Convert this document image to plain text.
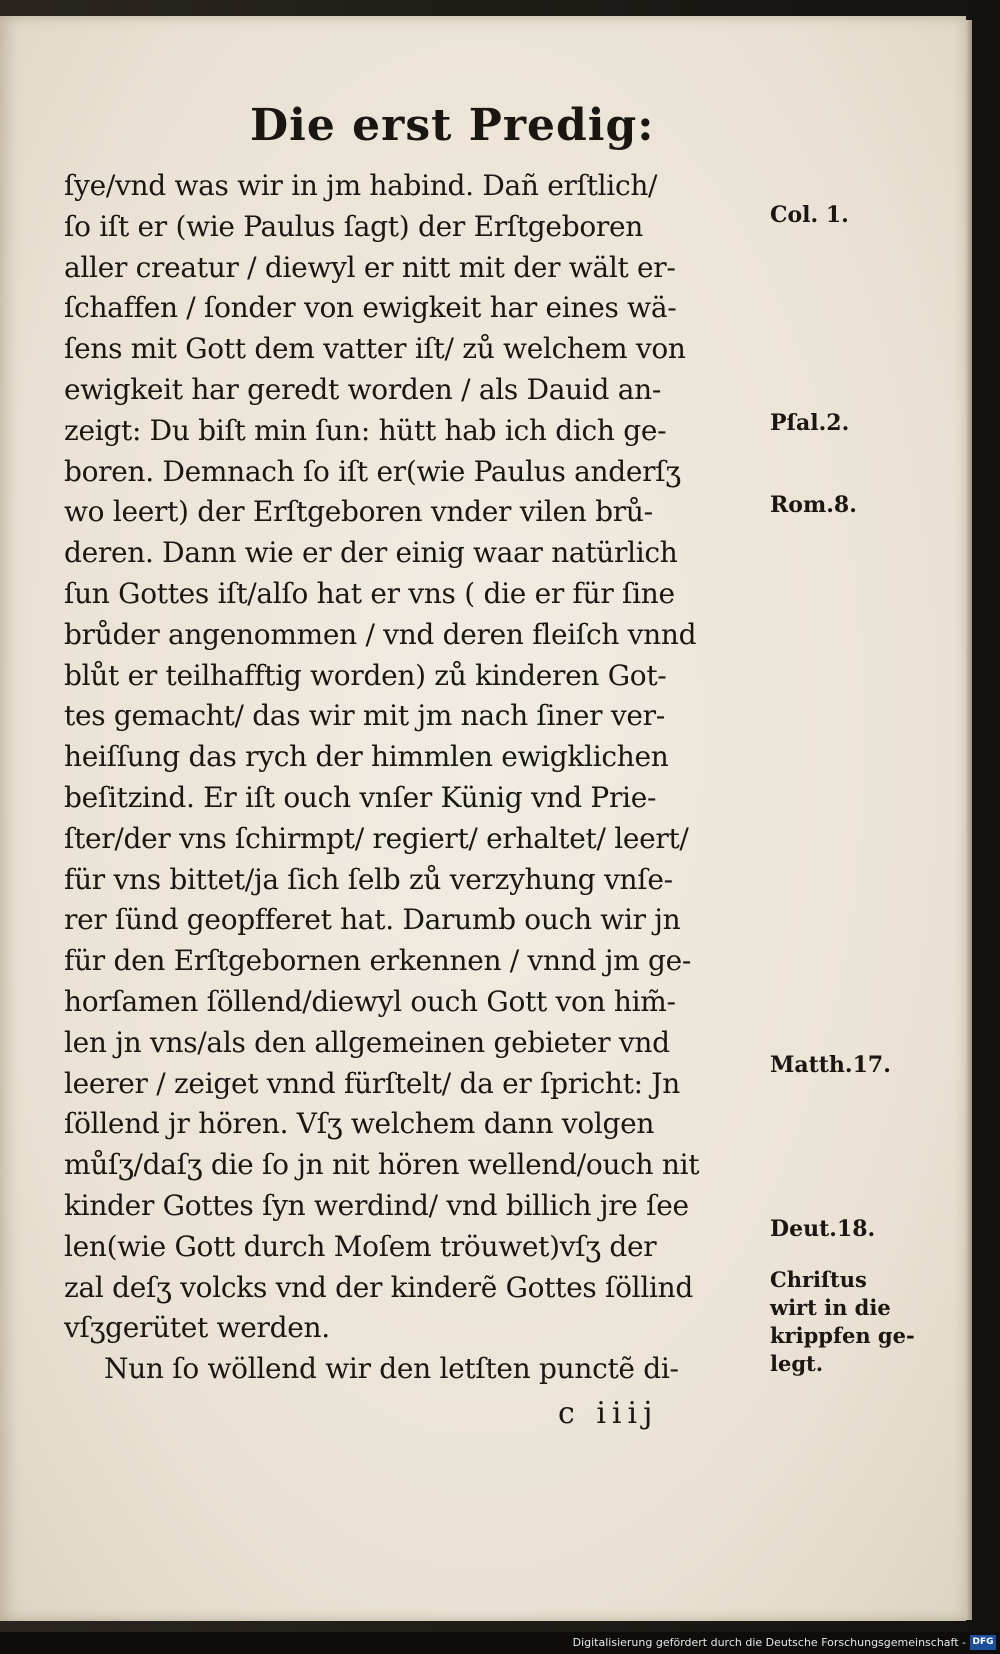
Die erst Predig:
ſye/vnd was wir in jm habind. Dañ erſtlich/
ſo iſt er (wie Paulus ſagt) der Erſtgeboren
aller creatur / diewyl er nitt mit der wält er-
ſchaffen / ſonder von ewigkeit har eines wä-
ſens mit Gott dem vatter iſt/ zů welchem von
ewigkeit har geredt worden / als Dauid an-
zeigt: Du biſt min ſun: hütt hab ich dich ge-
boren. Demnach ſo iſt er(wie Paulus anderſʒ
wo leert) der Erſtgeboren vnder vilen brů-
deren. Dann wie er der einig waar natürlich
ſun Gottes iſt/alſo hat er vns ( die er für ſine
brůder angenommen / vnd deren fleiſch vnnd
blůt er teilhafftig worden) zů kinderen Got-
tes gemacht/ das wir mit jm nach ſiner ver-
heiſſung das rych der himmlen ewigklichen
beſitzind. Er iſt ouch vnſer Künig vnd Prie-
ſter/der vns ſchirmpt/ regiert/ erhaltet/ leert/
für vns bittet/ja ſich ſelb zů verzyhung vnſe-
rer ſünd geopfferet hat. Darumb ouch wir jn
für den Erſtgebornen erkennen / vnnd jm ge-
horſamen ſöllend/diewyl ouch Gott von him̃-
len jn vns/als den allgemeinen gebieter vnd
leerer / zeiget vnnd fürſtelt/ da er ſpricht: Jn
ſöllend jr hören. Vſʒ welchem dann volgen
můſʒ/daſʒ die ſo jn nit hören wellend/ouch nit
kinder Gottes ſyn werdind/ vnd billich jre ſee
len(wie Gott durch Moſem tröuwet)vſʒ der
zal deſʒ volcks vnd der kinderẽ Gottes ſöllind
vſʒgerütet werden.
Nun ſo wöllend wir den letſten punctẽ di-
Col. 1.
Pſal.2.
Rom.8.
Matth.17.
Deut.18.
Chriſtus
wirt in die
krippfen ge-
legt.
c iiij
Digitalisierung gefördert durch die Deutsche Forschungsgemeinschaft - DFG
